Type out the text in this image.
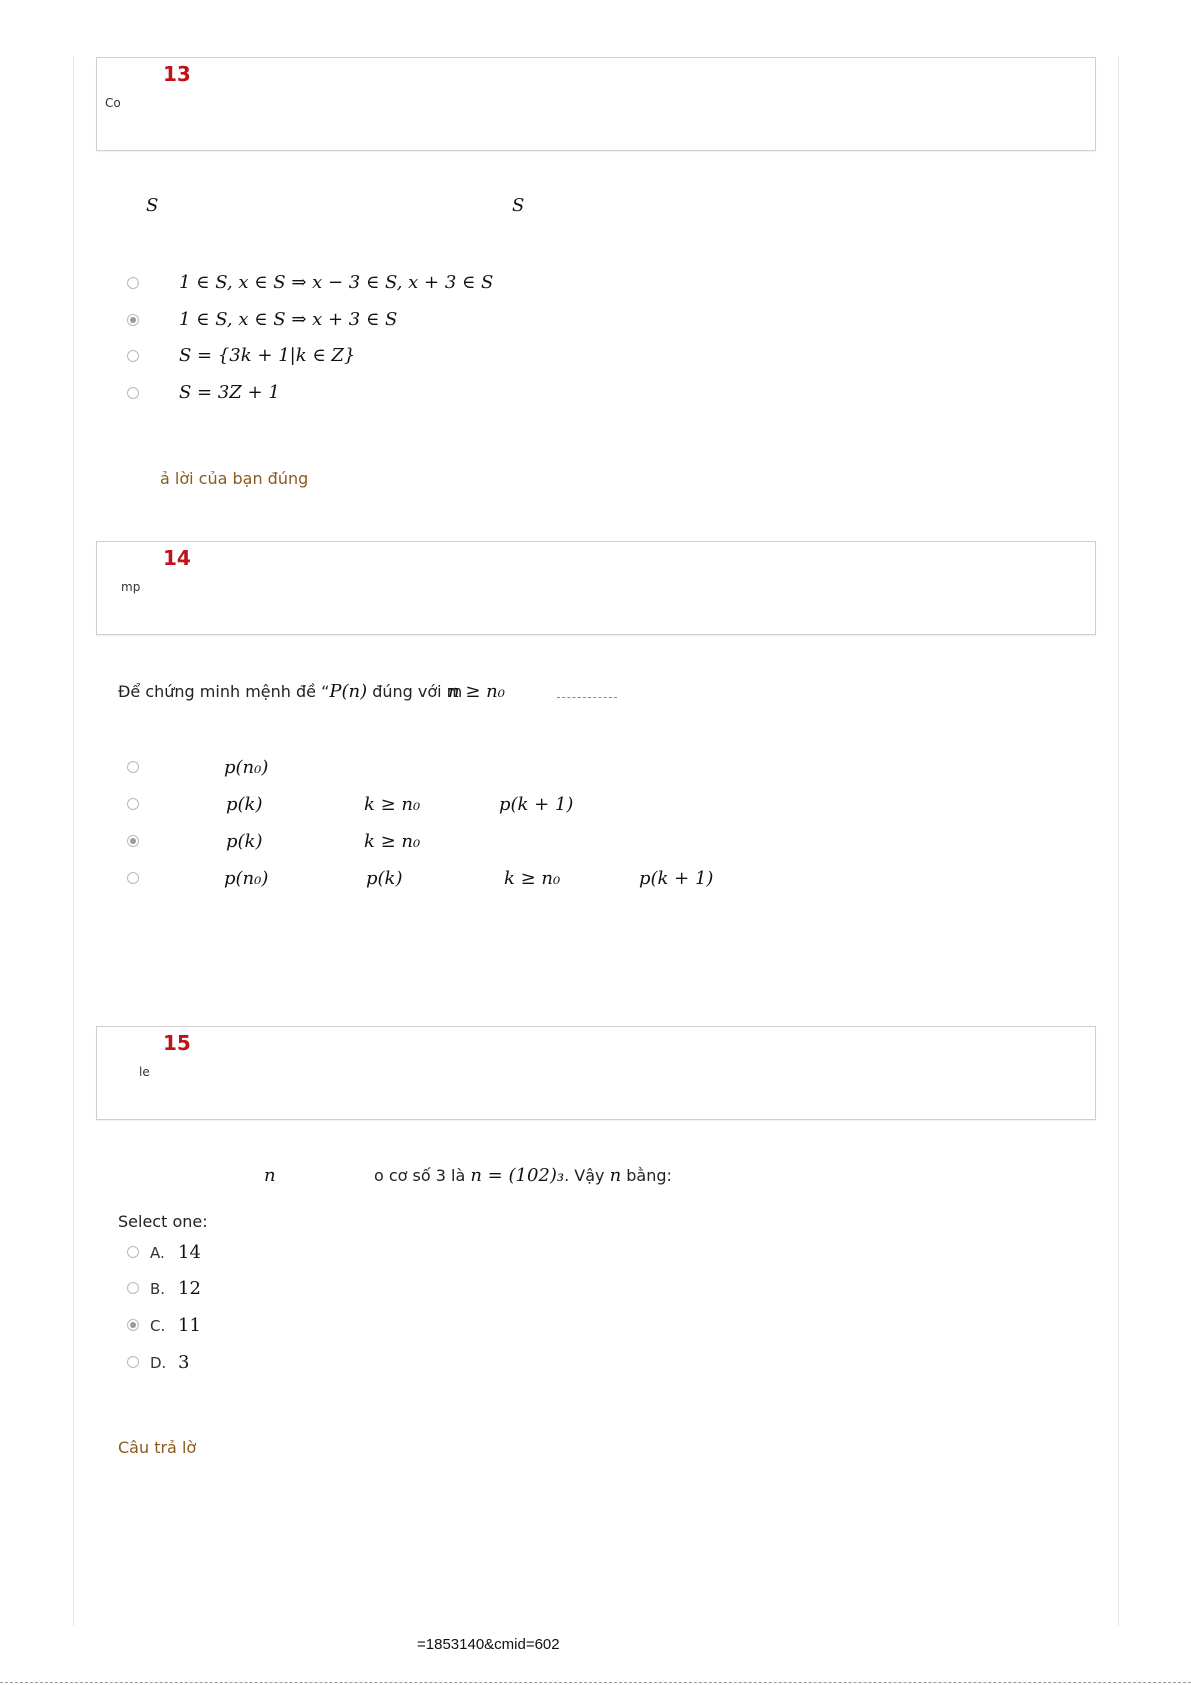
13
Co
S	S
1 ∈ S, x ∈ S ⇒ x − 3 ∈ S, x + 3 ∈ S
1 ∈ S, x ∈ S ⇒ x + 3 ∈ S
S = {3k + 1|k ∈ Z}
S = 3Z + 1
ả lời của bạn đúng
14
mp
Để chứng minh mệnh đề “P(n) đúng với m
n ≥ n₀
p(n₀)
p(k)	k ≥ n₀	p(k + 1)
p(k)	k ≥ n₀
p(n₀)	p(k)	k ≥ n₀	p(k + 1)
15
le
n	o cơ số 3 là n = (102)₃. Vậy n bằng:
Select one:
A. 14
B. 12
C. 11
D. 3
Câu trả lờ
=1853140&cmid=602
